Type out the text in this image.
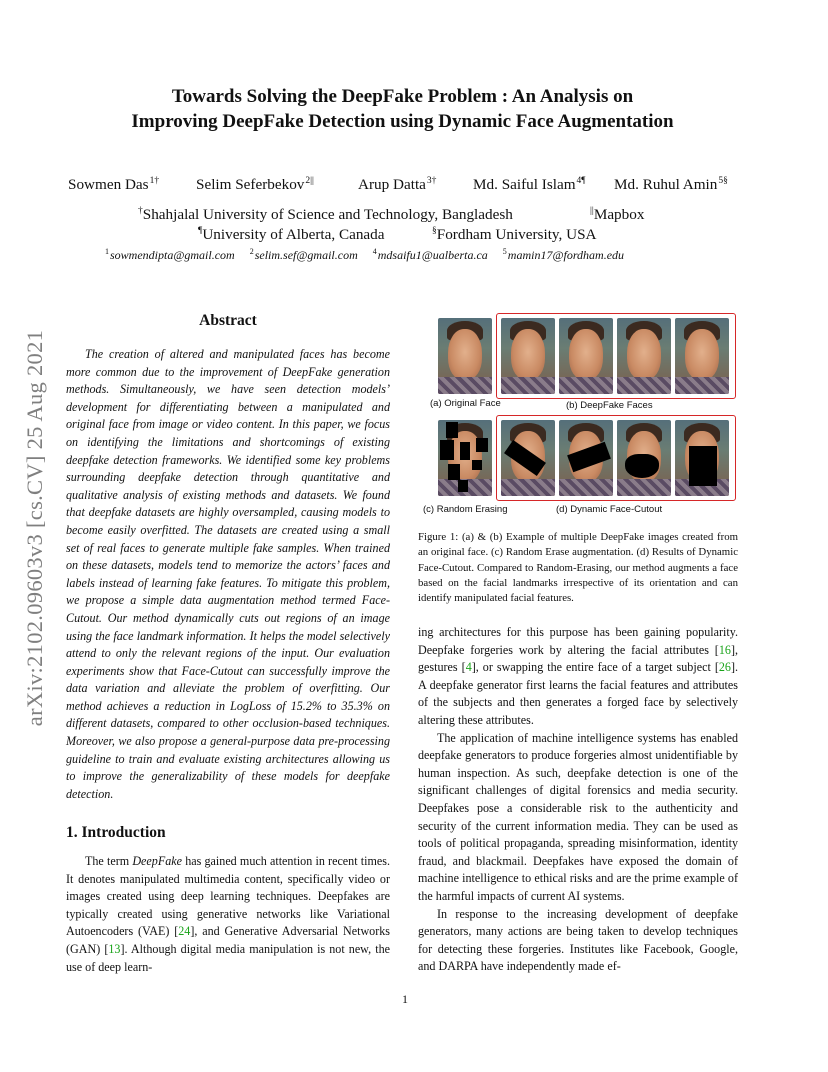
arXiv:2102.09603v3 [cs.CV] 25 Aug 2021
Towards Solving the DeepFake Problem : An Analysis on
Improving DeepFake Detection using Dynamic Face Augmentation
Sowmen Das$^{1\dagger}$ Selim Seferbekov$^{2||}$	Arup Datta$^{3\dagger}$ Md. Saiful Islam$^{4\P}$ Md. Ruhul Amin$^{5\S}$
†Shahjalal University of Science and Technology, Bangladesh	||Mapbox
¶University of Alberta, Canada	§Fordham University, USA
$^1$sowmendipta@gmail.com $^2$selim.sef@gmail.com $^4$mdsaifu1@ualberta.ca $^5$mamin17@fordham.edu
Abstract
The creation of altered and manipulated faces has become more common due to the improvement of DeepFake generation methods. Simultaneously, we have seen detection models’ development for differentiating between a manipulated and original face from image or video content. In this paper, we focus on identifying the limitations and shortcomings of existing deepfake detection frameworks. We identified some key problems surrounding deepfake detection through quantitative and qualitative analysis of existing methods and datasets. We found that deepfake datasets are highly oversampled, causing models to become easily overfitted. The datasets are created using a small set of real faces to generate multiple fake samples. When trained on these datasets, models tend to memorize the actors’ faces and labels instead of learning fake features. To mitigate this problem, we propose a simple data augmentation method termed Face-Cutout. Our method dynamically cuts out regions of an image using the face landmark information. It helps the model selectively attend to only the relevant regions of the input. Our evaluation experiments show that Face-Cutout can successfully improve the data variation and alleviate the problem of overfitting. Our method achieves a reduction in LogLoss of 15.2% to 35.3% on different datasets, compared to other occlusion-based techniques. Moreover, we also propose a general-purpose data pre-processing guideline to train and evaluate existing architectures allowing us to improve the generalizability of these models for deepfake detection.
1. Introduction
The term DeepFake has gained much attention in recent times. It denotes manipulated multimedia content, specifically video or images created using deep learning techniques. Deepfakes are typically created using generative networks like Variational Autoencoders (VAE) [24], and Generative Adversarial Networks (GAN) [13]. Although digital media manipulation is not new, the use of deep learn-
(a) Original Face	(b) DeepFake Faces
(c) Random Erasing	(d) Dynamic Face-Cutout
Figure 1: (a) & (b) Example of multiple DeepFake images created from an original face. (c) Random Erase augmentation. (d) Results of Dynamic Face-Cutout. Compared to Random-Erasing, our method augments a face based on the facial landmarks irrespective of its orientation and can identify manipulated facial features.
ing architectures for this purpose has been gaining popularity. Deepfake forgeries work by altering the facial attributes [16], gestures [4], or swapping the entire face of a target subject [26]. A deepfake generator first learns the facial features and attributes of the subjects and then generates a forged face by selectively altering these attributes.
The application of machine intelligence systems has enabled deepfake generators to produce forgeries almost unidentifiable by human inspection. As such, deepfake detection is one of the significant challenges of digital forensics and media security. Deepfakes pose a considerable risk to the authenticity and security of the current information media. They can be used as tools of political propaganda, spreading misinformation, identity fraud, and blackmail. Deepfakes have exposed the domain of machine intelligence to ethical risks and are the prime example of the harmful impacts of current AI systems.
In response to the increasing development of deepfake generators, many actions are being taken to develop techniques for detecting these forgeries. Institutes like Facebook, Google, and DARPA have independently made ef-
1
